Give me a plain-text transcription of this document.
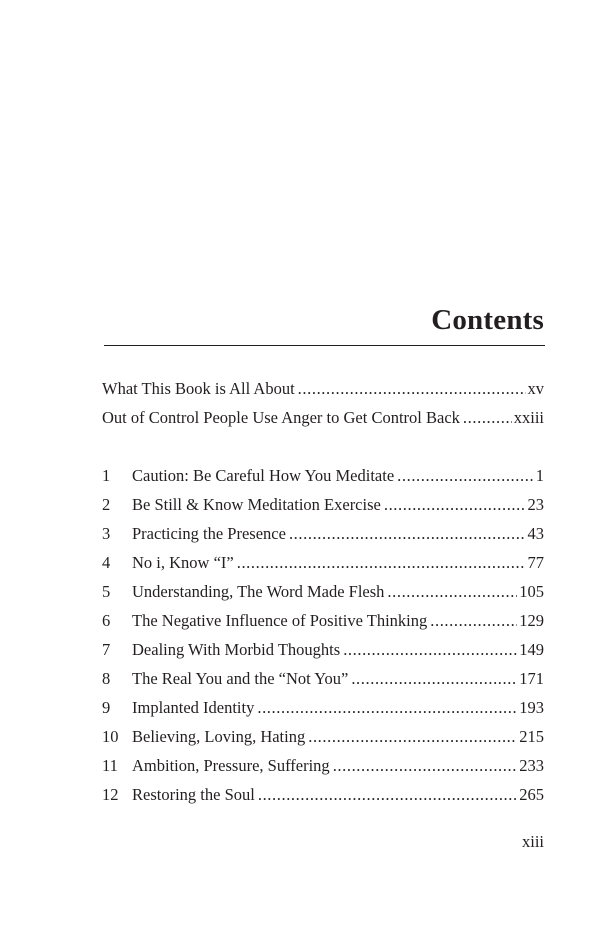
Contents
What This Book is All About .....	xv
Out of Control People Use Anger to Get Control Back .....	xxiii
1	Caution: Be Careful How You Meditate .....	1
2	Be Still & Know Meditation Exercise .....	23
3	Practicing the Presence .....	43
4	No i, Know “I” .....	77
5	Understanding, The Word Made Flesh .....	105
6	The Negative Influence of Positive Thinking .....	129
7	Dealing With Morbid Thoughts .....	149
8	The Real You and the “Not You” .....	171
9	Implanted Identity .....	193
10 Believing, Loving, Hating .....	215
11 Ambition, Pressure, Suffering .....	233
12 Restoring the Soul .....	265
xiii
